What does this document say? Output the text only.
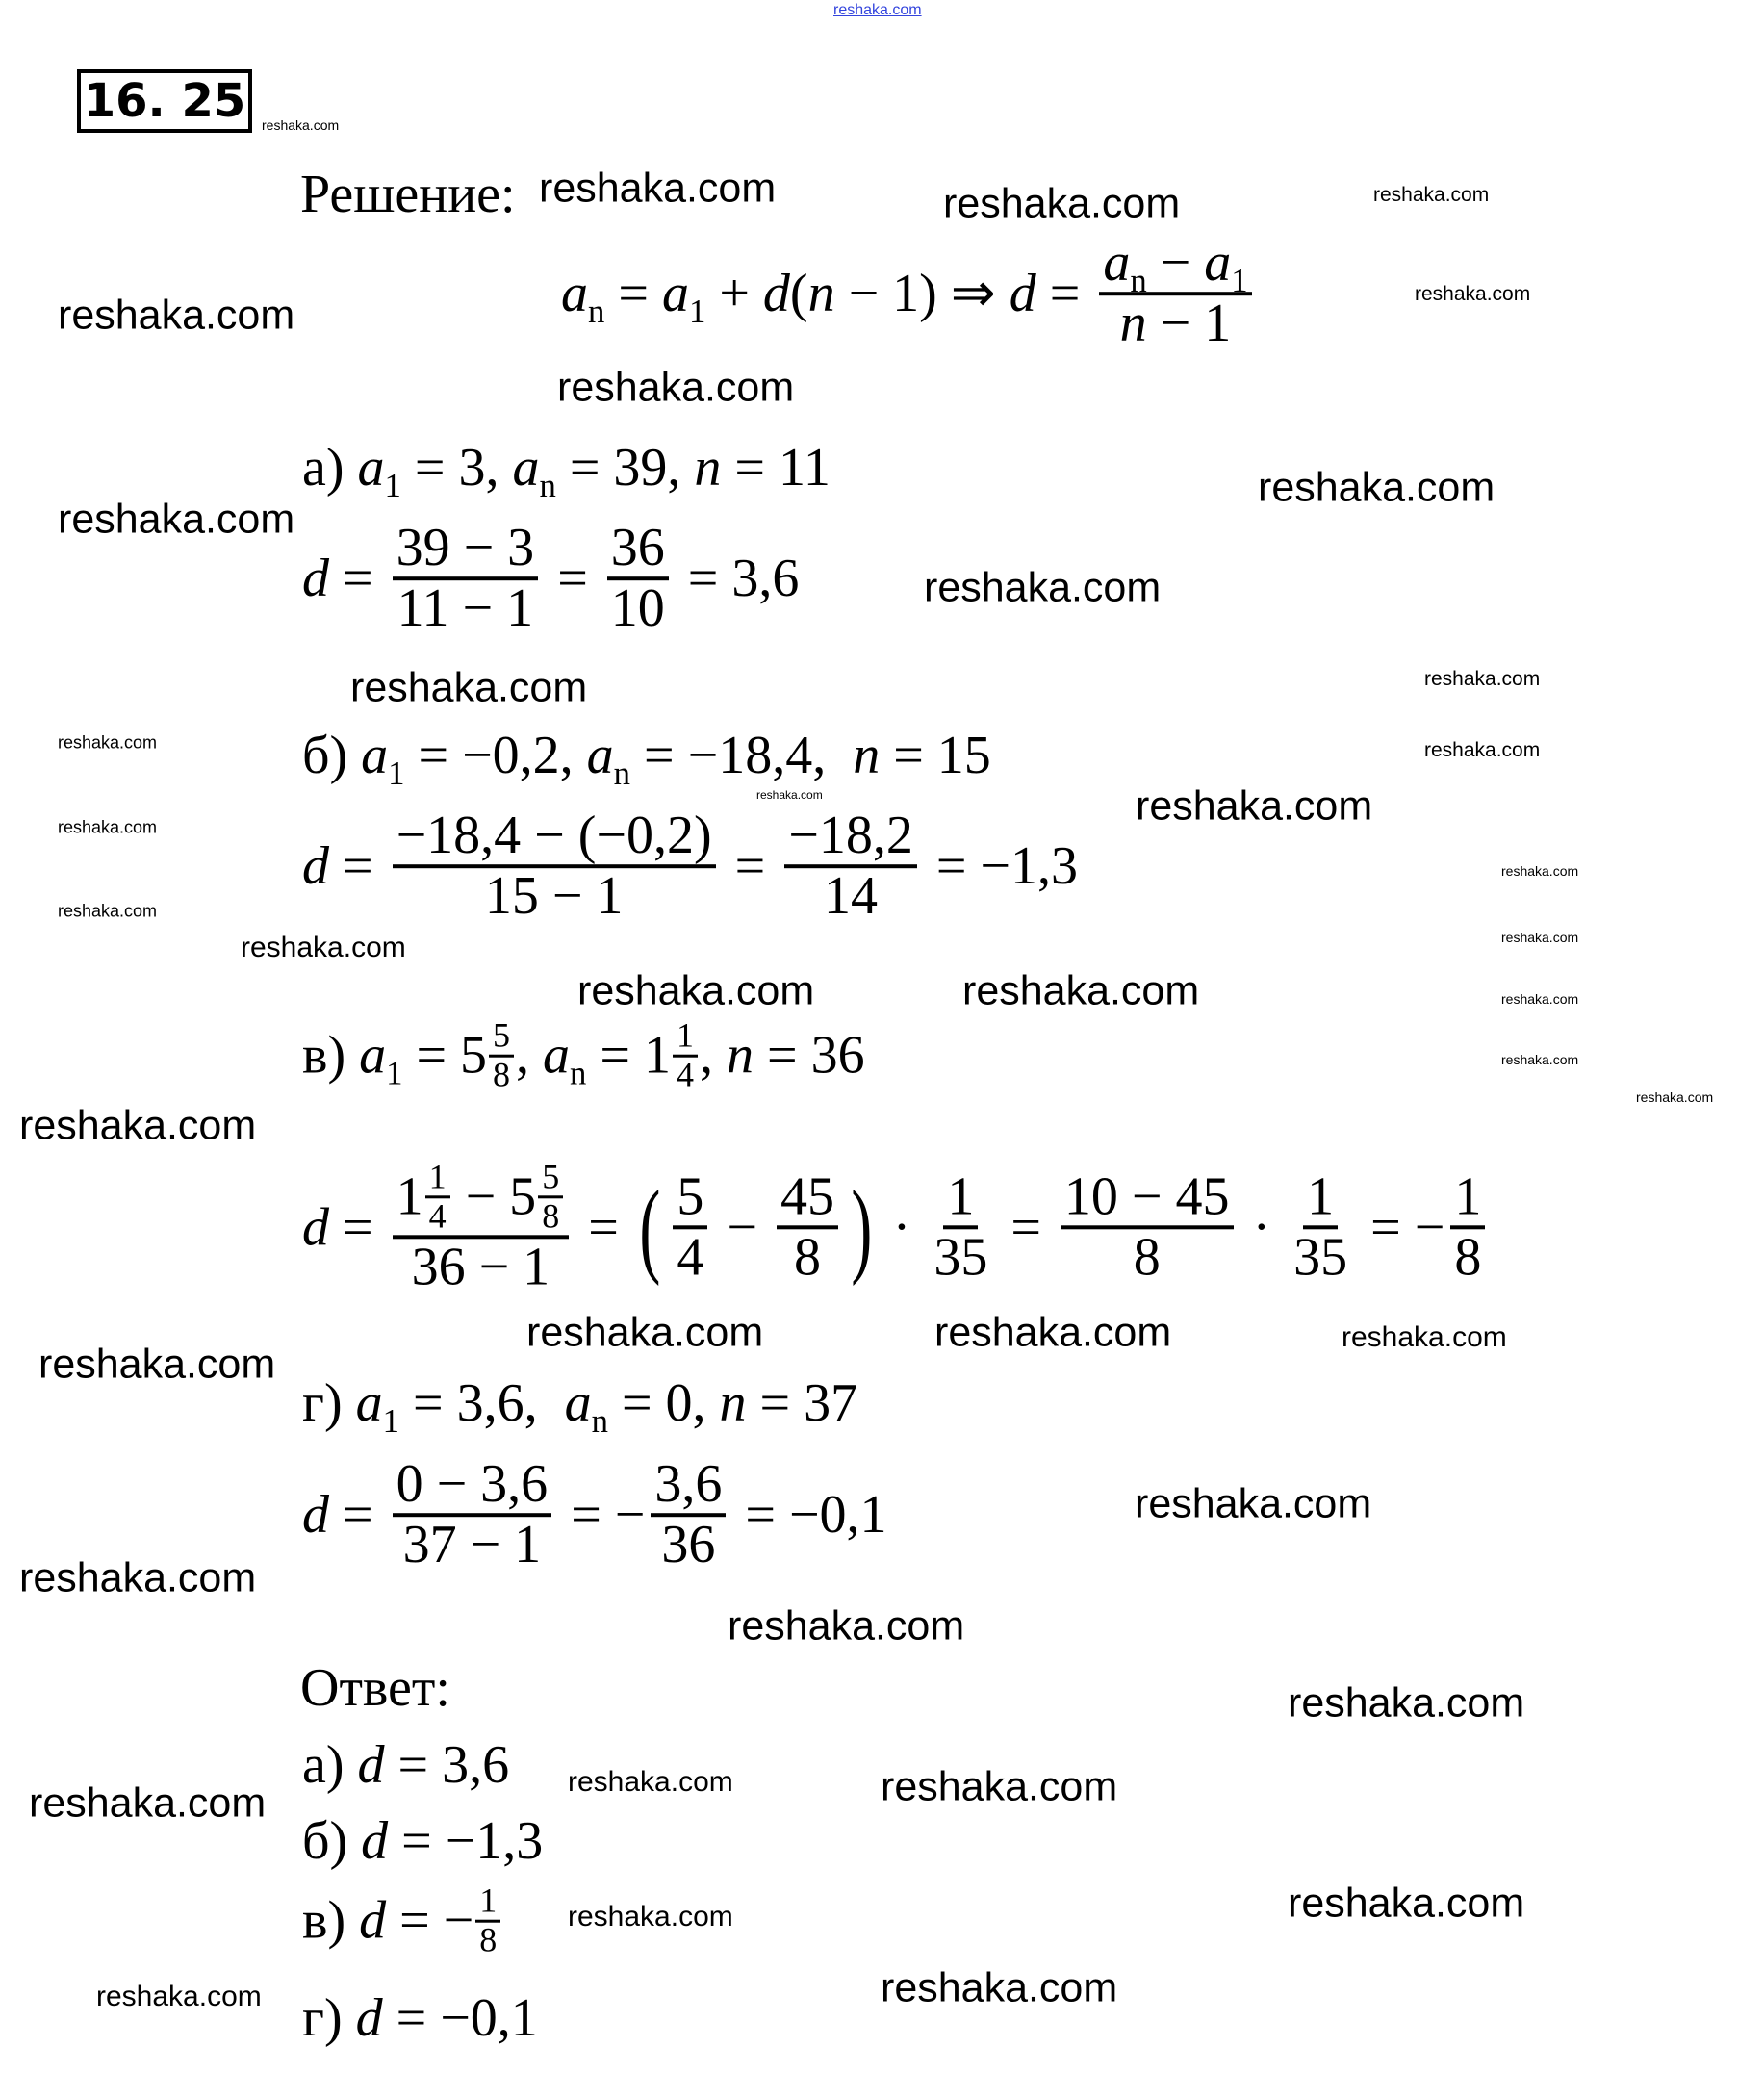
reshaka.com
16. 25
Решение:
Ответ:
$a_n = a_1 + d$ ( n − 1) ⇒ $d = \frac{a_n - a_1}{n - 1}$
а) $a_1 = 3$, $a_n = 39$, n = 11
$d = \frac{39 - 3}{11 - 1} = \frac{36}{10} = 3,6$
б) $a_1 = -0,2$, $a_n = -18,4$, n = 15
$d = \frac{-18,4 - (-0,2)}{15 - 1} = \frac{-18,2}{14} = -1,3$
в) $a_1 = 5 \frac{5}{8}$ , $a_n = 1 \frac{1}{4}$ , n = 36
$d = \frac{1 \frac{1}{4} - 5 \frac{5}{8}}{36 - 1}$ = ( $\frac{5}{4} - \frac{45}{8}$ ) · $\frac{1}{35} = \frac{10 - 45}{8} \cdot \frac{1}{35}$ = − $\frac{1}{8}$
г) $a_1 = 3,6$, $a_n = 0$, n = 37
$d = \frac{0 - 3,6}{37 - 1}$ = − $\frac{3,6}{36} = -0,1$
а) d = 3,6
б) d = −1,3
в) d = − $\frac{1}{8}$
г) d = −0,1
reshaka.com
reshaka.com
reshaka.com	reshaka.com
reshaka.com
reshaka.com
reshaka.com
reshaka.com
reshaka.com
reshaka.com
reshaka.com
reshaka.com
reshaka.com	reshaka.com
reshaka.com
reshaka.com
reshaka.com
reshaka.com
reshaka.com
reshaka.com	reshaka.com
reshaka.com	reshaka.com	reshaka.com
reshaka.com
reshaka.com
reshaka.com
reshaka.com	reshaka.com	reshaka.com
reshaka.com
reshaka.com
reshaka.com
reshaka.com
reshaka.com
reshaka.com	reshaka.com
reshaka.com
reshaka.com
reshaka.com
reshaka.com
reshaka.com
